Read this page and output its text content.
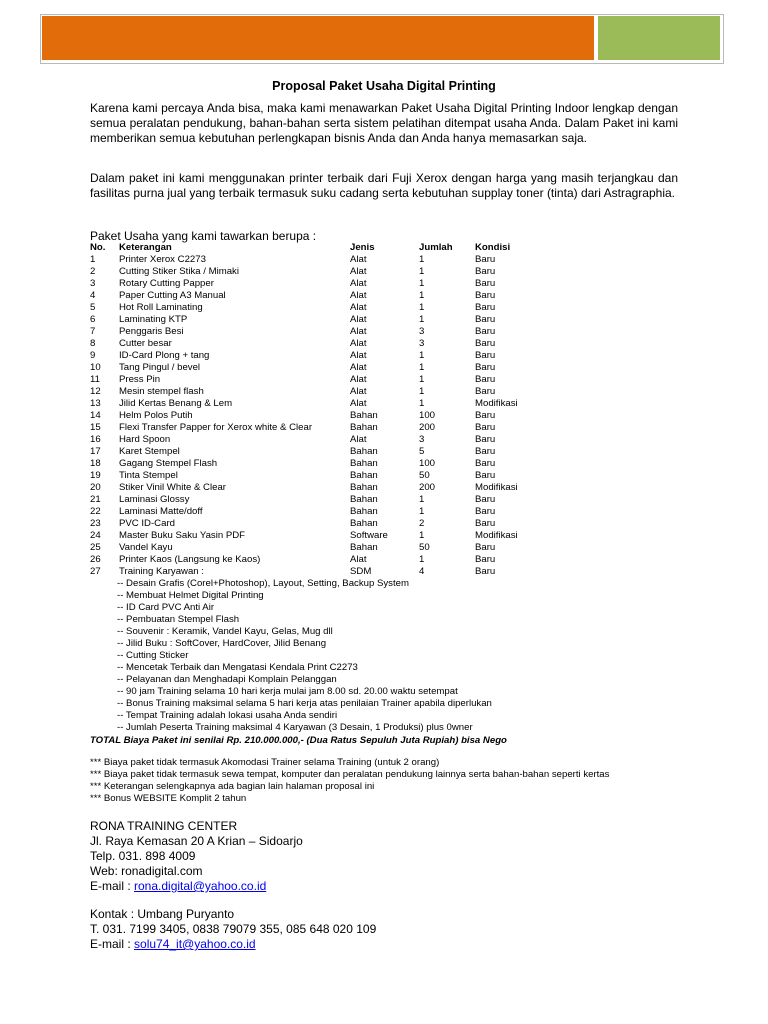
Proposal Paket Usaha Digital Printing

Karena kami percaya Anda bisa, maka kami menawarkan Paket Usaha Digital Printing Indoor lengkap dengan semua peralatan pendukung, bahan-bahan serta sistem pelatihan ditempat usaha Anda. Dalam Paket ini kami memberikan semua kebutuhan perlengkapan bisnis Anda dan Anda hanya memasarkan saja.

Dalam paket ini kami menggunakan printer terbaik dari Fuji Xerox dengan harga yang masih terjangkau dan fasilitas purna jual yang terbaik termasuk suku cadang serta kebutuhan supplay toner (tinta) dari Astragraphia.

Paket Usaha yang kami tawarkan berupa :
No. Keterangan	Jenis	Jumlah Kondisi
1 Printer Xerox C2273	Alat	1	Baru
2 Cutting Stiker Stika / Mimaki	Alat	1	Baru
3 Rotary Cutting Papper	Alat	1	Baru
4 Paper Cutting A3 Manual	Alat	1	Baru
5 Hot Roll Laminating	Alat	1	Baru
6 Laminating KTP	Alat	1	Baru
7 Penggaris Besi	Alat	3	Baru
8 Cutter besar	Alat	3	Baru
9 ID-Card Plong + tang	Alat	1	Baru
10 Tang Pingul / bevel	Alat	1	Baru
11 Press Pin	Alat	1	Baru
12 Mesin stempel flash	Alat	1	Baru
13 Jilid Kertas Benang & Lem	Alat	1	Modifikasi
14 Helm Polos Putih	Bahan	100	Baru
15 Flexi Transfer Papper for Xerox white & Clear	Bahan	200	Baru
16 Hard Spoon	Alat	3	Baru
17 Karet Stempel	Bahan	5	Baru
18 Gagang Stempel Flash	Bahan	100	Baru
19 Tinta Stempel	Bahan	50	Baru
20 Stiker Vinil White & Clear	Bahan	200	Modifikasi
21 Laminasi Glossy	Bahan	1	Baru
22 Laminasi Matte/doff	Bahan	1	Baru
23 PVC ID-Card	Bahan	2	Baru
24 Master Buku Saku Yasin PDF	Software	1	Modifikasi
25 Vandel Kayu	Bahan	50	Baru
26 Printer Kaos (Langsung ke Kaos)	Alat	1	Baru
27 Training Karyawan :	SDM	4	Baru
-- Desain Grafis (Corel+Photoshop), Layout, Setting, Backup System
-- Membuat Helmet Digital Printing
-- ID Card PVC Anti Air
-- Pembuatan Stempel Flash
-- Souvenir : Keramik, Vandel Kayu, Gelas, Mug dll
-- Jilid Buku : SoftCover, HardCover, Jilid Benang
-- Cutting Sticker
-- Mencetak Terbaik dan Mengatasi Kendala Print C2273
-- Pelayanan dan Menghadapi Komplain Pelanggan
-- 90 jam Training selama 10 hari kerja mulai jam 8.00 sd. 20.00 waktu setempat
-- Bonus Training maksimal selama 5 hari kerja atas penilaian Trainer apabila diperlukan
-- Tempat Training adalah lokasi usaha Anda sendiri
-- Jumlah Peserta Training maksimal 4 Karyawan (3 Desain, 1 Produksi) plus 0wner
TOTAL Biaya Paket ini senilai Rp. 210.000.000,- (Dua Ratus Sepuluh Juta Rupiah) bisa Nego
*** Biaya paket tidak termasuk Akomodasi Trainer selama Training (untuk 2 orang)
*** Biaya paket tidak termasuk sewa tempat, komputer dan peralatan pendukung lainnya serta bahan-bahan seperti kertas
*** Keterangan selengkapnya ada bagian lain halaman proposal ini
*** Bonus WEBSITE Komplit 2 tahun
RONA TRAINING CENTER
Jl. Raya Kemasan 20 A Krian – Sidoarjo
Telp. 031. 898 4009
Web: ronadigital.com
E-mail : rona.digital@yahoo.co.id
Kontak : Umbang Puryanto
T. 031. 7199 3405, 0838 79079 355, 085 648 020 109
E-mail : solu74_it@yahoo.co.id
